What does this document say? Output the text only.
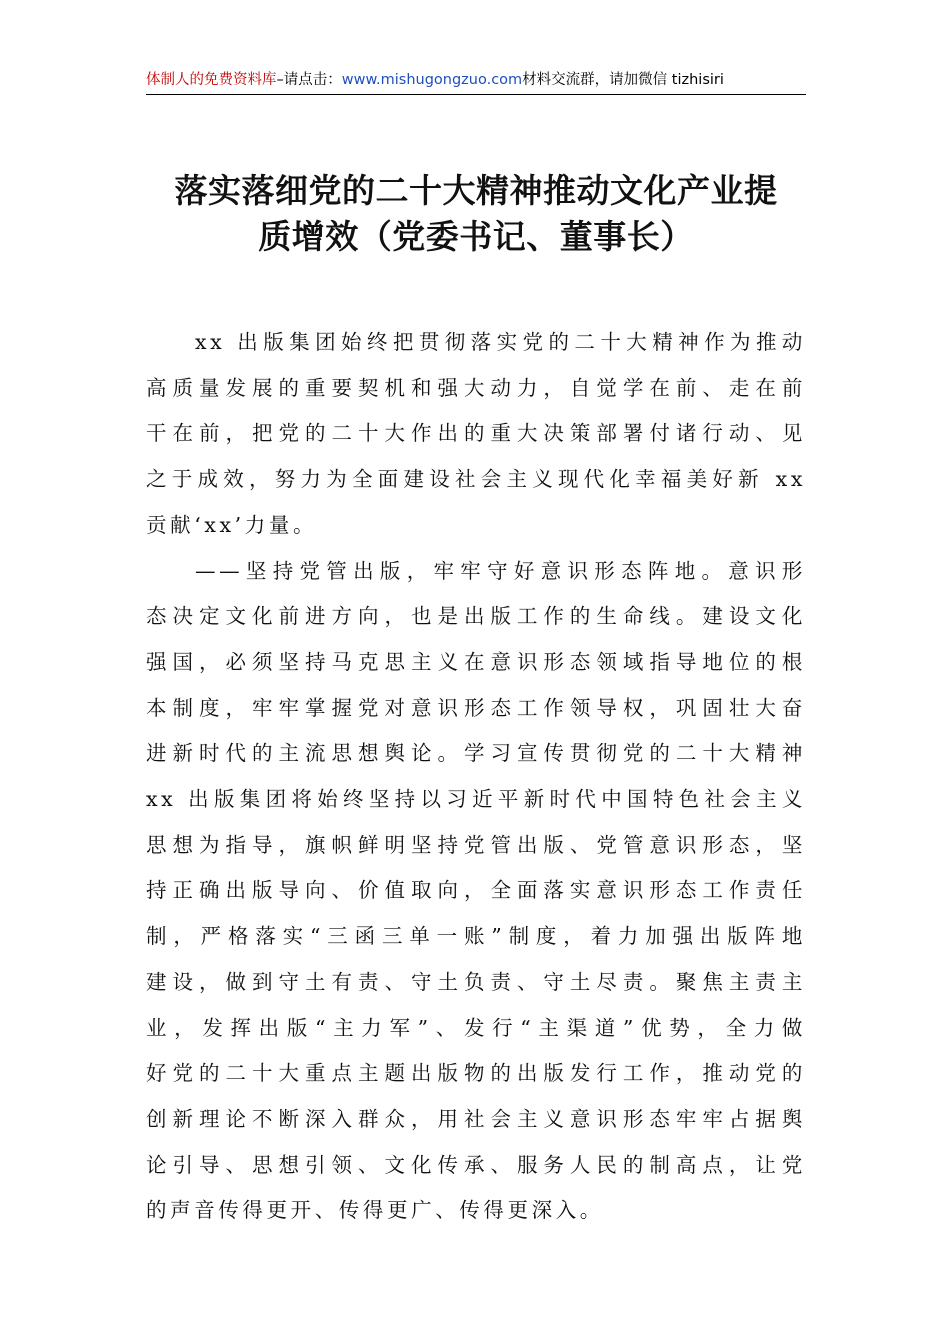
体制人的免费资料库–请点击：www.mishugongzuo.com材料交流群，请加微信 tizhisiri
落实落细党的二十大精神推动文化产业提
质增效（党委书记、董事长）

xx 出版集团始终把贯彻落实党的二十大精神作为推动
高质量发展的重要契机和强大动力，自觉学在前、走在前
干在前，把党的二十大作出的重大决策部署付诸行动、见
之于成效，努力为全面建设社会主义现代化幸福美好新 xx
贡献‘xx’力量。

——坚持党管出版，牢牢守好意识形态阵地。意识形
态决定文化前进方向，也是出版工作的生命线。建设文化
强国，必须坚持马克思主义在意识形态领域指导地位的根
本制度，牢牢掌握党对意识形态工作领导权，巩固壮大奋
进新时代的主流思想舆论。学习宣传贯彻党的二十大精神
xx 出版集团将始终坚持以习近平新时代中国特色社会主义
思想为指导，旗帜鲜明坚持党管出版、党管意识形态，坚
持正确出版导向、价值取向，全面落实意识形态工作责任
制，严格落实“三函三单一账”制度，着力加强出版阵地
建设，做到守土有责、守土负责、守土尽责。聚焦主责主
业，发挥出版“主力军”、发行“主渠道”优势，全力做
好党的二十大重点主题出版物的出版发行工作，推动党的
创新理论不断深入群众，用社会主义意识形态牢牢占据舆
论引导、思想引领、文化传承、服务人民的制高点，让党
的声音传得更开、传得更广、传得更深入。
